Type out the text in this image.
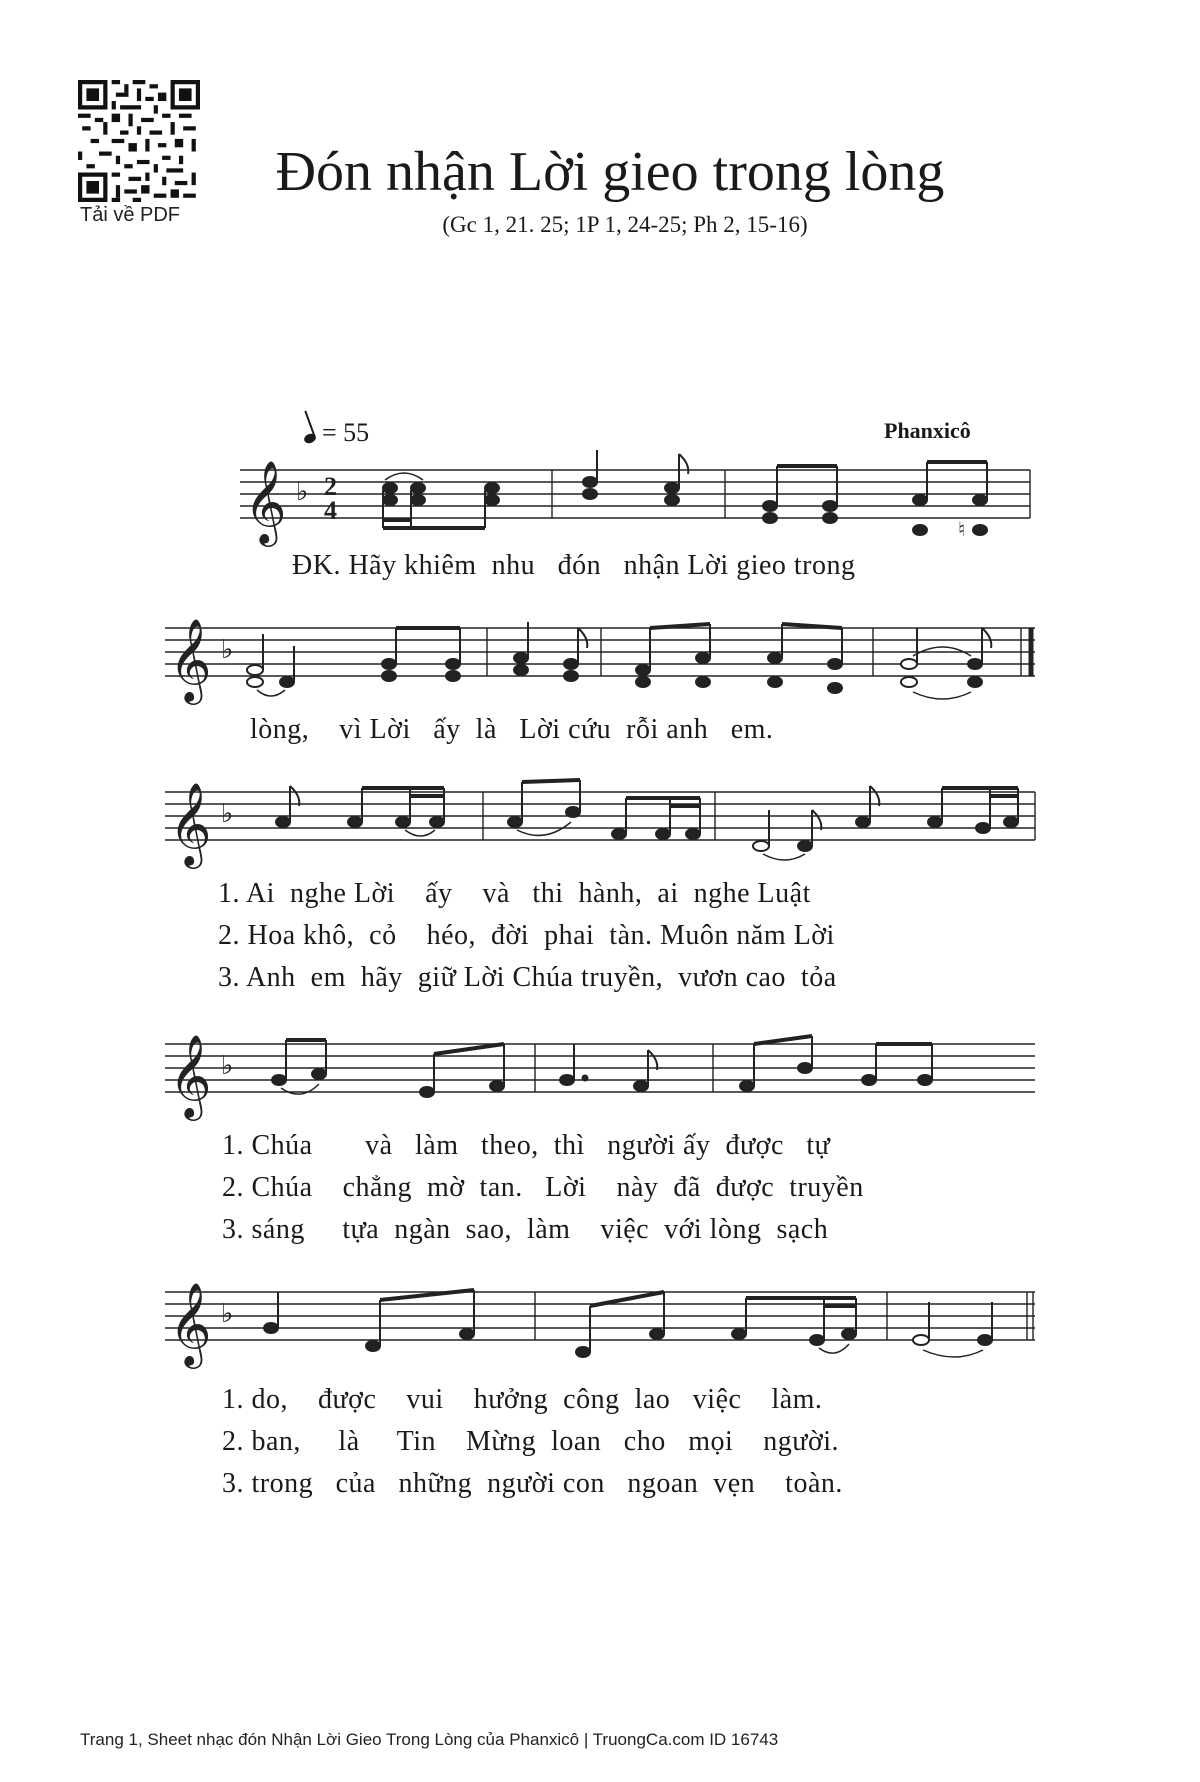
Tải về PDF
Đón nhận Lời gieo trong lòng
(Gc 1, 21. 25; 1P 1, 24-25; Ph 2, 15-16)
= 55	Phanxicô
𝄞 ♭ 2
4
♮
ĐK. Hãy khiêm  nhu   đón   nhận Lời gieo trong
𝄞 ♭
lòng,    vì Lời   ấy  là   Lời cứu  rỗi anh   em.
𝄞 ♭
1. Ai  nghe Lời    ấy    và   thi  hành,  ai  nghe Luật
2. Hoa khô,  cỏ    héo,  đời  phai  tàn. Muôn năm Lời
3. Anh  em  hãy  giữ Lời Chúa truyền,  vươn cao  tỏa
𝄞 ♭
1. Chúa       và   làm   theo,  thì   người ấy  được   tự
2. Chúa    chẳng  mờ  tan.   Lời    này  đã  được  truyền
3. sáng     tựa  ngàn  sao,  làm    việc  với lòng  sạch
𝄞 ♭
1. do,    được    vui    hưởng  công  lao   việc    làm.
2. ban,     là     Tin    Mừng  loan   cho   mọi    người.
3. trong   của   những  người con   ngoan  vẹn    toàn.
Trang 1, Sheet nhạc đón Nhận Lời Gieo Trong Lòng của Phanxicô | TruongCa.com ID 16743
